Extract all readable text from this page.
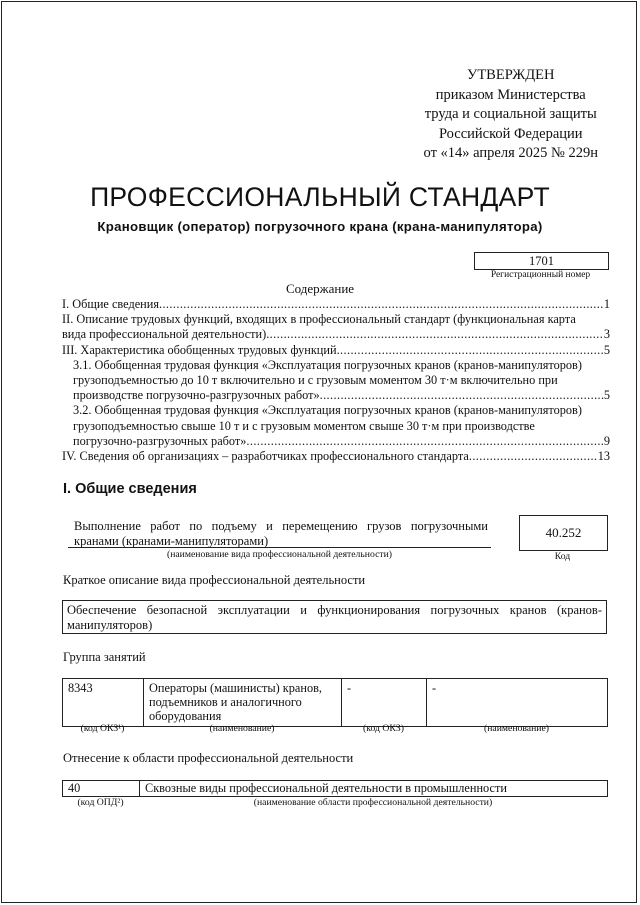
УТВЕРЖДЕН
приказом Министерства
труда и социальной защиты
Российской Федерации
от «14» апреля 2025 № 229н
ПРОФЕССИОНАЛЬНЫЙ СТАНДАРТ
Крановщик (оператор) погрузочного крана (крана-манипулятора)
1701
Регистрационный номер
Содержание
I. Общие сведения .....	1
II. Описание трудовых функций, входящих в профессиональный стандарт (функциональная карта
вида профессиональной деятельности) .....	3
III. Характеристика обобщенных трудовых функций .....	5
3.1. Обобщенная трудовая функция «Эксплуатация погрузочных кранов (кранов-манипуляторов)
грузоподъемностью до 10 т включительно и с грузовым моментом 30 т·м включительно при
производстве погрузочно-разгрузочных работ» .....	5
3.2. Обобщенная трудовая функция «Эксплуатация погрузочных кранов (кранов-манипуляторов)
грузоподъемностью свыше 10 т и с грузовым моментом свыше 30 т·м при производстве
погрузочно-разгрузочных работ» .....	9
IV. Сведения об организациях – разработчиках профессионального стандарта .....	13
I. Общие сведения
Выполнение работ по подъему и перемещению грузов погрузочными кранами (кранами-манипуляторами)
(наименование вида профессиональной деятельности)
40.252
Код
Краткое описание вида профессиональной деятельности
Обеспечение безопасной эксплуатации и функционирования погрузочных кранов (кранов-манипуляторов)
Группа занятий
8343	Операторы (машинисты) кранов, подъемников и аналогичного оборудования	-	-
(код ОКЗ¹)	(наименование)	(код ОКЗ)	(наименование)
Отнесение к области профессиональной деятельности
40	Сквозные виды профессиональной деятельности в промышленности
(код ОПД²)	(наименование области профессиональной деятельности)
